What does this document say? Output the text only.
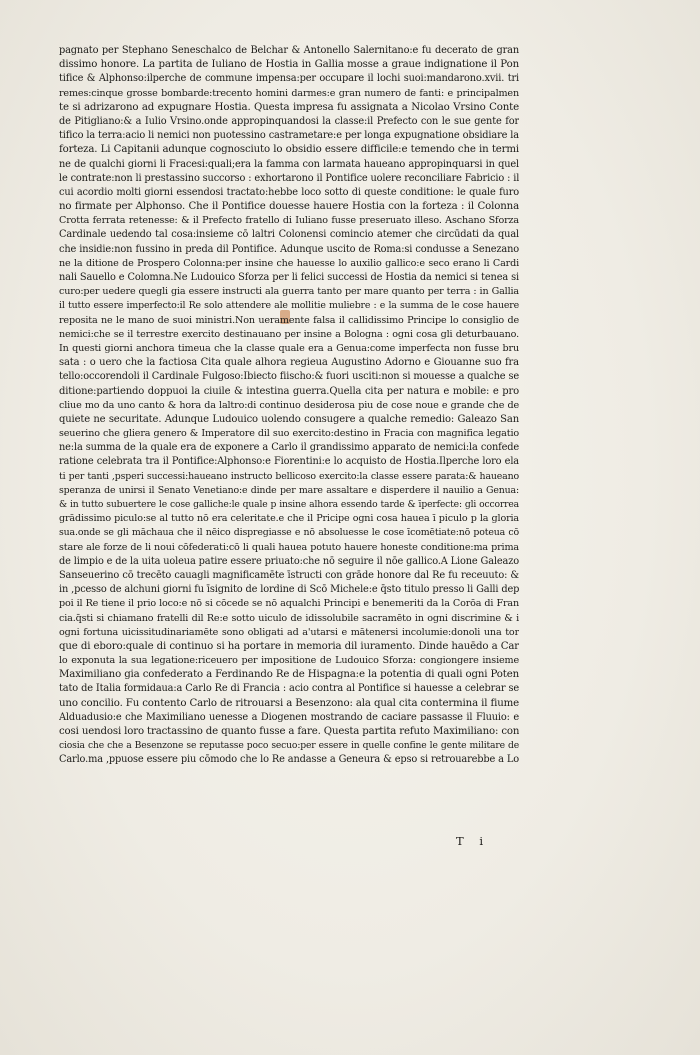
pagnato per Stephano Seneschalco de Belchar & Antonello Salernitano:e fu decerato de gran
dissimo honore. La partita de Iuliano de Hostia in Gallia mosse a graue indignatione il Pon
tifice & Alphonso:ilperche de commune impensa:per occupare il lochi suoi:mandarono.xvii. tri
remes:cinque grosse bombarde:trecento homini darmes:e gran numero de fanti: e principalmen
te si adrizarono ad expugnare Hostia. Questa impresa fu assignata a Nicolao Vrsino Conte
de Pitigliano:& a Iulio Vrsino.onde appropinquandosi la classe:il Prefecto con le sue gente for
tifico la terra:acio li nemici non puotessino castrametare:e per longa expugnatione obsidiare la
forteza. Li Capitanii adunque cognosciuto lo obsidio essere difficile:e temendo che in termi
ne de qualchi giorni li Fracesi:quali;era la famma con larmata haueano appropinquarsi in quel
le contrate:non li prestassino succorso : exhortarono il Pontifice uolere reconciliare Fabricio : il
cui acordio molti giorni essendosi tractato:hebbe loco sotto di queste conditione: le quale furo
no firmate per Alphonso. Che il Pontifice douesse hauere Hostia con la forteza : il Colonna
Crotta ferrata retenesse: & il Prefecto fratello di Iuliano fusse preseruato illeso. Aschano Sforza
Cardinale uedendo tal cosa:insieme cō laltri Colonensi comincio atemer che circūdati da qual
che insidie:non fussino in preda dil Pontifice. Adunque uscito de Roma:si condusse a Senezano
ne la ditione de Prospero Colonna:per insine che hauesse lo auxilio gallico:e seco erano li Cardi
nali Sauello e Colomna.Ne Ludouico Sforza per li felici successi de Hostia da nemici si tenea si
curo:per uedere quegli gia essere instructi ala guerra tanto per mare quanto per terra : in Gallia
il tutto essere imperfecto:il Re solo attendere ale mollitie muliebre : e la summa de le cose hauere
reposita ne le mano de suoi ministri.Non ueramente falsa il callidissimo Principe lo consiglio de
nemici:che se il terrestre exercito destinauano per insine a Bologna : ogni cosa gli deturbauano.
In questi giorni anchora timeua che la classe quale era a Genua:come imperfecta non fusse bru
sata : o uero che la factiosa Cita quale alhora regieua Augustino Adorno e Giouanne suo fra
tello:occorendoli il Cardinale Fulgoso:Ibiecto fiischo:& fuori usciti:non si mouesse a qualche se
ditione:partiendo doppuoi la ciuile & intestina guerra.Quella cita per natura e mobile: e pro
cliue mo da uno canto & hora da laltro:di continuo desiderosa piu de cose noue e grande che de
quiete ne securitate. Adunque Ludouico uolendo consugere a qualche remedio: Galeazo San
seuerino che gliera genero & Imperatore dil suo exercito:destino in Fracia con magnifica legatio
ne:la summa de la quale era de exponere a Carlo il grandissimo apparato de nemici:la confede
ratione celebrata tra il Pontifice:Alphonso:e Fiorentini:e lo acquisto de Hostia.Ilperche loro ela
ti per tanti ,psperi successi:haueano instructo bellicoso exercito:la classe essere parata:& haueano
speranza de unirsi il Senato Venetiano:e dinde per mare assaltare e disperdere il nauilio a Genua:
& in tutto subuertere le cose galliche:le quale p insine alhora essendo tarde & īperfecte: gli occorrea
grādissimo piculo:se al tutto nō era celeritate.e che il Pricipe ogni cosa hauea ī piculo p la gloria
sua.onde se gli māchaua che il nēico dispregiasse e nō absoluesse le cose īcomētiate:nō poteua cō
stare ale forze de li noui cōfederati:cō li quali hauea potuto hauere honeste conditione:ma prima
de limpio e de la uita uoleua patire essere priuato:che nō seguire il nōe gallico.A Lione Galeazo
Sanseuerino cō trecēto cauagli magnificamēte īstructi con grāde honore dal Re fu receuuto: &
in ,pcesso de alchuni giorni fu īsignito de lordine di Scō Michele:e q̄sto titulo presso li Galli dep
poi il Re tiene il prio loco:e nō si cōcede se nō aqualchi Principi e benemeriti da la Corōa di Fran
cia.q̄sti si chiamano fratelli dil Re:e sotto uiculo de idissolubile sacramēto in ogni discrimine & i
ogni fortuna uicissitudinariamēte sono obligati ad a'utarsi e mātenersi incolumie:donoli una tor
que di eboro:quale di continuo si ha portare in memoria dil iuramento. Dinde hauēdo a Car
lo exponuta la sua legatione:riceuero per impositione de Ludouico Sforza: congiongere insieme
Maximiliano gia confederato a Ferdinando Re de Hispagna:e la potentia di quali ogni Poten
tato de Italia formidaua:a Carlo Re di Francia : acio contra al Pontifice si hauesse a celebrar se
uno concilio. Fu contento Carlo de ritrouarsi a Besenzono: ala qual cita contermina il fiume
Alduadusio:e che Maximiliano uenesse a Diogenen mostrando de caciare passasse il Fluuio: e
cosi uendosi loro tractassino de quanto fusse a fare. Questa partita refuto Maximiliano: con
ciosia che che a Besenzone se reputasse poco secuo:per essere in quelle confine le gente militare de
Carlo.ma ,ppuose essere piu cōmodo che lo Re andasse a Geneura & epso si retrouarebbe a Lo
T i
